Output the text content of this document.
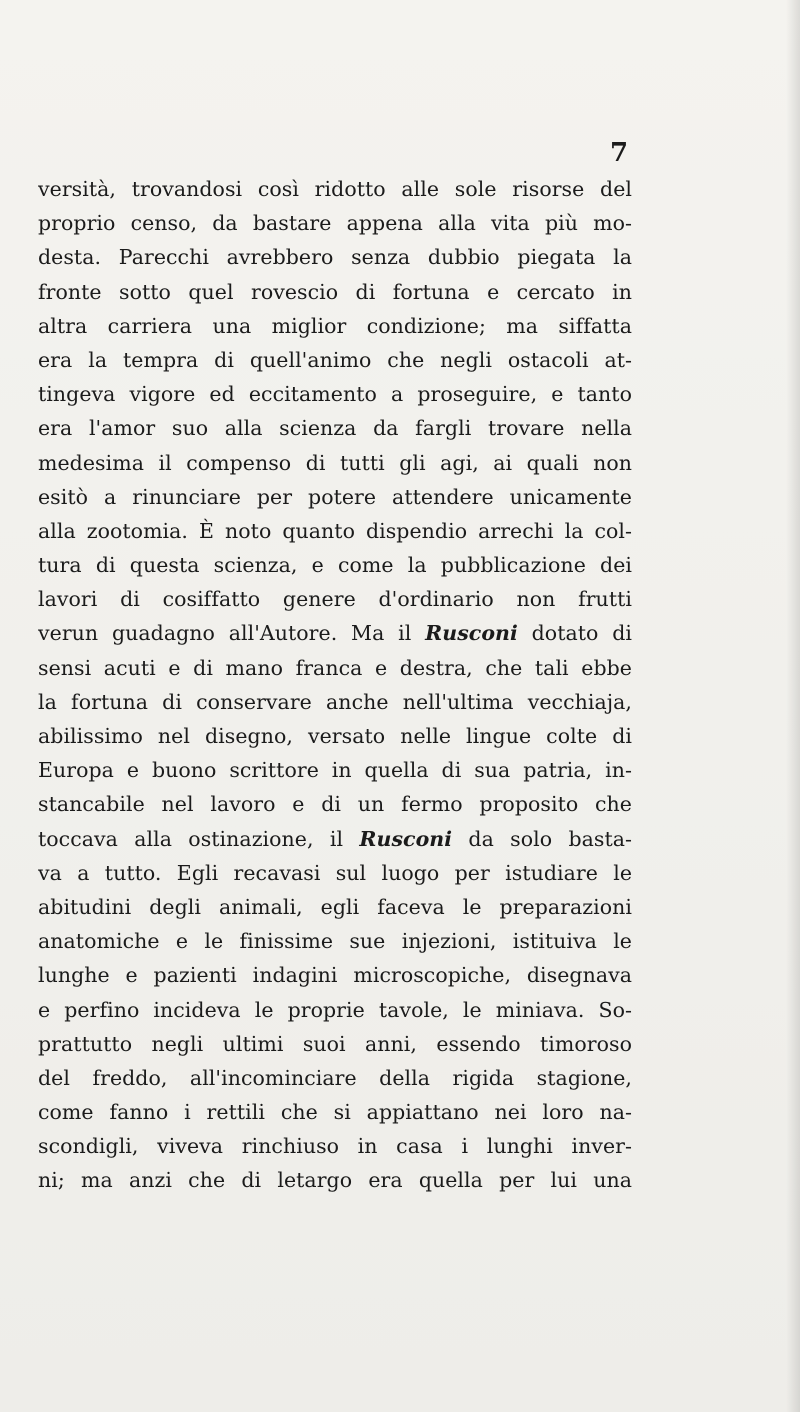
7

versità, trovandosi così ridotto alle sole risorse del
proprio censo, da bastare appena alla vita più mo-
desta. Parecchi avrebbero senza dubbio piegata la
fronte sotto quel rovescio di fortuna e cercato in
altra carriera una miglior condizione; ma siffatta
era la tempra di quell'animo che negli ostacoli at-
tingeva vigore ed eccitamento a proseguire, e tanto
era l'amor suo alla scienza da fargli trovare nella
medesima il compenso di tutti gli agi, ai quali non
esitò a rinunciare per potere attendere unicamente
alla zootomia. È noto quanto dispendio arrechi la col-
tura di questa scienza, e come la pubblicazione dei
lavori di cosiffatto genere d'ordinario non frutti
verun guadagno all'Autore. Ma il Rusconi dotato di
sensi acuti e di mano franca e destra, che tali ebbe
la fortuna di conservare anche nell'ultima vecchiaja,
abilissimo nel disegno, versato nelle lingue colte di
Europa e buono scrittore in quella di sua patria, in-
stancabile nel lavoro e di un fermo proposito che
toccava alla ostinazione, il Rusconi da solo basta-
va a tutto. Egli recavasi sul luogo per istudiare le
abitudini degli animali, egli faceva le preparazioni
anatomiche e le finissime sue injezioni, istituiva le
lunghe e pazienti indagini microscopiche, disegnava
e perfino incideva le proprie tavole, le miniava. So-
prattutto negli ultimi suoi anni, essendo timoroso
del freddo, all'incominciare della rigida stagione,
come fanno i rettili che si appiattano nei loro na-
scondigli, viveva rinchiuso in casa i lunghi inver-
ni; ma anzi che di letargo era quella per lui una
